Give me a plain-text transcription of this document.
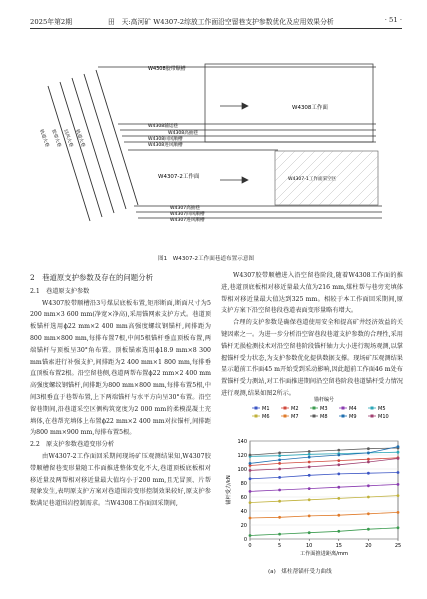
2025年第2期	田　天:高河矿 W4307-2综放工作面沿空留巷支护参数优化及应用效果分析	· 51 ·
W4308胶带顺槽
W4308工作面
轨道大巷 胶带大巷 回风大巷 轨道大巷
W4308辅运巷
W4308高抽巷
W4308回风顺槽
W4308进风顺槽
W4307-2工作面	W4307-1工作面采空区
W4307高抽巷
W4307回风顺槽
W4307进风顺槽
图1　W4307-2工作面巷道布置示意图
2　巷道原支护参数及存在的问题分析
2.1　巷道原支护参数

W4307胶带顺槽沿3号煤层底板布置,矩形断面,断面尺寸为5 200 mm×3 600 mm(净宽×净高),采用锚网索支护方式。巷道顶板锚杆选用ϕ22 mm×2 400 mm高强度螺纹钢锚杆,间排距为800 mm×800 mm,每排布置7根,中间5根锚杆垂直顶板布置,两端锚杆与顶板呈30°角布置。顶板锚索选用ϕ18.9 mm×8 300 mm锚索进行补强支护,间排距为2 400 mm×1 800 mm,每排垂直顶板布置2根。沿空留巷侧,巷道两帮布置ϕ22 mm×2 400 mm高强度螺纹钢锚杆,间排距为800 mm×800 mm,每排布置5根,中间3根垂直于巷帮布置,上下两端锚杆与水平方向呈30°布置。沿空留巷期间,沿巷道采空区侧构筑宽度为2 000 mm的柔模混凝土充填体,在巷帮充填体上布置ϕ22 mm×2 400 mm对拉锚杆,间排距为800 mm×900 mm,每排布置5根。

2.2　原支护参数巷道变形分析

由W4307-2工作面回采期间现场矿压观测结果知,W4307胶带顺槽留巷变形量随工作面推进整体变化不大,巷道顶板底板相对移近量及两帮相对移近量最大值均小于200 mm,且无冒顶、片帮现象发生,表明原支护方案对巷道围岩变形控制效果较好,原支护参数满足巷道围岩控制需求。当W4308工作面回采期间,

W4307胶带顺槽进入沿空留巷阶段,随着W4308工作面的推进,巷道顶底板相对移近量最大值为216 mm,煤柱帮与巷旁充填体帮相对移近量最大值达到325 mm。相较于本工作面回采期间,原支护方案下沿空留巷段巷道表面变形量略有增大。

合理的支护参数是确保巷道使用安全和提高矿井经济效益的关键因素之一。为进一步分析沿空留巷段巷道支护参数的合理性,采用锚杆无损检测技术对沿空留巷阶段锚杆轴力大小进行现场观测,以掌握锚杆受力状态,为支护参数优化提供数据支撑。现场矿压观测结果显示超前工作面45 m开始受到采动影响,因此超前工作面46 m处布置锚杆受力测站,对工作面推进期间沿空留巷阶段巷道锚杆受力情况进行观测,结果如图2所示。

0
20
40
60
80
100
120
140
0	5	10	15	20	25
工作面推进距离/mm
锚杆受力/kN
锚杆编号
M1	M2	M3	M4	M5
M6	M7	M8	M9	M10
(a)　煤柱帮锚杆受力曲线
